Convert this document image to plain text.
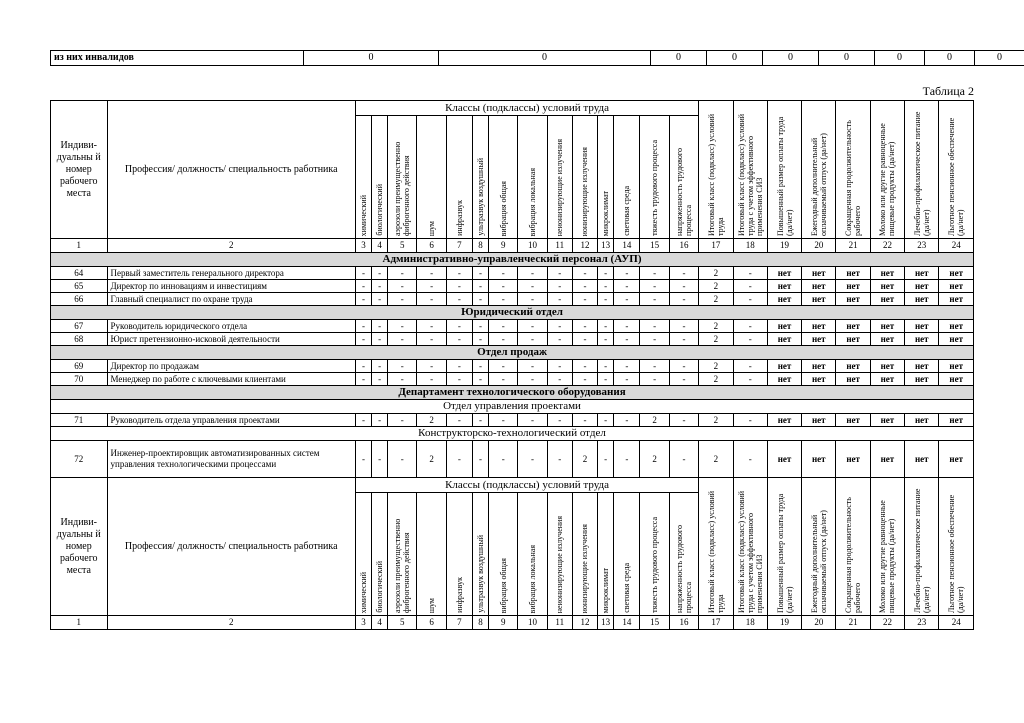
из них инвалидов	0	0	0	0	0	0	0	0	0
Таблица 2
Индиви-дуальны й номер рабочего места	Профессия/ должность/ специальность работника	Классы (подклассы) условий труда														Итоговый класс (подкласс) условий труда	Итоговый класс (подкласс) условий труда с учетом эффективного применения СИЗ	Повышенный размер оплаты труда (да/нет)	Ежегодный дополнительный оплачиваемый отпуск (да/нет)	Сокращенная продолжительность рабочего	Молоко или другие равноценные пищевые продукты (да/нет)	Лечебно-профилактическое питание (да/нет)	Льготное пенсионное обеспечение (да/нет)

		химический	биологический	аэрозоли преимущественно фиброгенного действия	шум	инфразвук	ультразвук воздушный	вибрация общая	вибрация локальная	неионизирующие излучения	ионизирующие излучения	микроклимат	световая среда	тяжесть трудового процесса	напряженность трудового процесса								

1	2	3	4	5	6	7	8	9	10	11	12	13	14	15	16	17	18	19	20	21	22	23	24
Административно-управленческий персонал (АУП)																							
64	Первый заместитель генерального директора	-	-	-	-	-	-	-	-	-	-	-	-	-	-	2	-	нет	нет	нет	нет	нет	нет
65	Директор по инновациям и инвестициям	-	-	-	-	-	-	-	-	-	-	-	-	-	-	2	-	нет	нет	нет	нет	нет	нет
66	Главный специалист по охране труда	-	-	-	-	-	-	-	-	-	-	-	-	-	-	2	-	нет	нет	нет	нет	нет	нет
Юридический отдел																							
67	Руководитель юридического отдела	-	-	-	-	-	-	-	-	-	-	-	-	-	-	2	-	нет	нет	нет	нет	нет	нет
68	Юрист претензионно-исковой деятельности	-	-	-	-	-	-	-	-	-	-	-	-	-	-	2	-	нет	нет	нет	нет	нет	нет
Отдел продаж																							
69	Директор по продажам	-	-	-	-	-	-	-	-	-	-	-	-	-	-	2	-	нет	нет	нет	нет	нет	нет
70	Менеджер по работе с ключевыми клиентами	-	-	-	-	-	-	-	-	-	-	-	-	-	-	2	-	нет	нет	нет	нет	нет	нет
Департамент технологического оборудования																							
Отдел управления проектами																							
71	Руководитель отдела управления проектами	-	-	-	2	-	-	-	-	-	-	-	-	2	-	2	-	нет	нет	нет	нет	нет	нет
Конструкторско-технологический отдел																							
72	Инженер-проектировщик автоматизированных систем управления технологическими процессами	-	-	-	2	-	-	-	-	-	2	-	-	2	-	2	-	нет	нет	нет	нет	нет	нет
Индиви-дуальны й номер рабочего места	Профессия/ должность/ специальность работника	Классы (подклассы) условий труда														Итоговый класс (подкласс) условий труда	Итоговый класс (подкласс) условий труда с учетом эффективного применения СИЗ	Повышенный размер оплаты труда (да/нет)	Ежегодный дополнительный оплачиваемый отпуск (да/нет)	Сокращенная продолжительность рабочего	Молоко или другие равноценные пищевые продукты (да/нет)	Лечебно-профилактическое питание (да/нет)	Льготное пенсионное обеспечение (да/нет)

		химический	биологический	аэрозоли преимущественно фиброгенного действия	шум	инфразвук	ультразвук воздушный	вибрация общая	вибрация локальная	неионизирующие излучения	ионизирующие излучения	микроклимат	световая среда	тяжесть трудового процесса	напряженность трудового процесса								

1	2	3	4	5	6	7	8	9	10	11	12	13	14	15	16	17	18	19	20	21	22	23	24
